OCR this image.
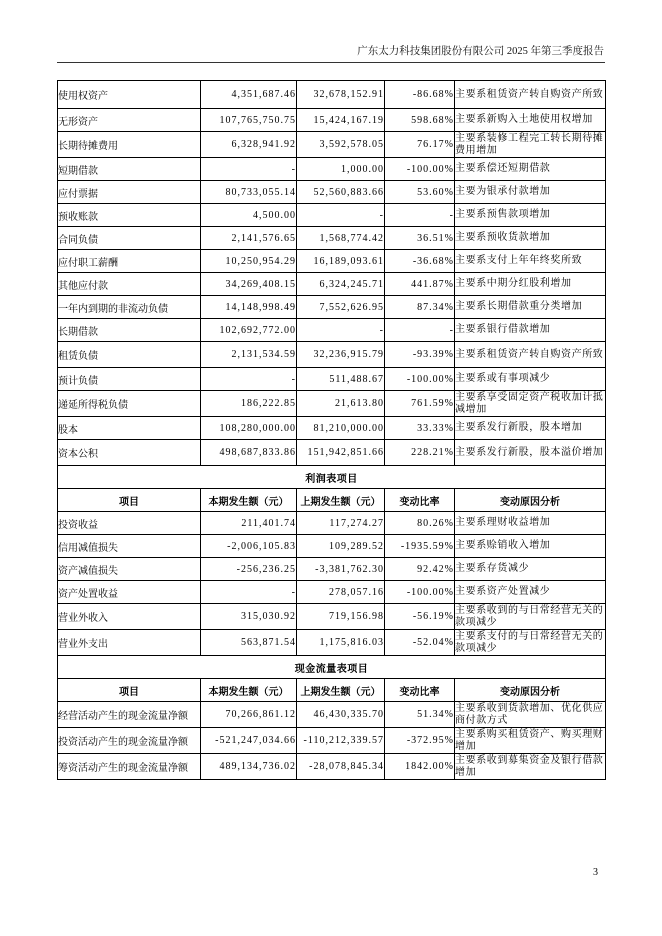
广东太力科技集团股份有限公司 2025 年第三季度报告
使用权资产	4,351,687.46	32,678,152.91	-86.68%	主要系租赁资产转自购资产所致
无形资产	107,765,750.75	15,424,167.19	598.68%	主要系新购入土地使用权增加
长期待摊费用	6,328,941.92	3,592,578.05	76.17%	主要系装修工程完工转长期待摊费用增加
短期借款	-	1,000.00	-100.00%	主要系偿还短期借款
应付票据	80,733,055.14	52,560,883.66	53.60%	主要为银承付款增加
预收账款	4,500.00	-	-	主要系预售款项增加
合同负债	2,141,576.65	1,568,774.42	36.51%	主要系预收货款增加
应付职工薪酬	10,250,954.29	16,189,093.61	-36.68%	主要系支付上年年终奖所致
其他应付款	34,269,408.15	6,324,245.71	441.87%	主要系中期分红股利增加
一年内到期的非流动负债	14,148,998.49	7,552,626.95	87.34%	主要系长期借款重分类增加
长期借款	102,692,772.00	-	-	主要系银行借款增加
租赁负债	2,131,534.59	32,236,915.79	-93.39%	主要系租赁资产转自购资产所致
预计负债	-	511,488.67	-100.00%	主要系或有事项减少
递延所得税负债	186,222.85	21,613.80	761.59%	主要系享受固定资产税收加计抵减增加
股本	108,280,000.00	81,210,000.00	33.33%	主要系发行新股，股本增加
资本公积	498,687,833.86	151,942,851.66	228.21%	主要系发行新股，股本溢价增加
利润表项目				
项目	本期发生额（元）	上期发生额（元）	变动比率	变动原因分析
投资收益	211,401.74	117,274.27	80.26%	主要系理财收益增加
信用减值损失	-2,006,105.83	109,289.52	-1935.59%	主要系赊销收入增加
资产减值损失	-256,236.25	-3,381,762.30	92.42%	主要系存货减少
资产处置收益	-	278,057.16	-100.00%	主要系资产处置减少
营业外收入	315,030.92	719,156.98	-56.19%	主要系收到的与日常经营无关的款项减少
营业外支出	563,871.54	1,175,816.03	-52.04%	主要系支付的与日常经营无关的款项减少
现金流量表项目				
项目	本期发生额（元）	上期发生额（元）	变动比率	变动原因分析
经营活动产生的现金流量净额	70,266,861.12	46,430,335.70	51.34%	主要系收到货款增加、优化供应商付款方式
投资活动产生的现金流量净额	-521,247,034.66	-110,212,339.57	-372.95%	主要系购买租赁资产、购买理财增加
筹资活动产生的现金流量净额	489,134,736.02	-28,078,845.34	1842.00%	主要系收到募集资金及银行借款增加
3
